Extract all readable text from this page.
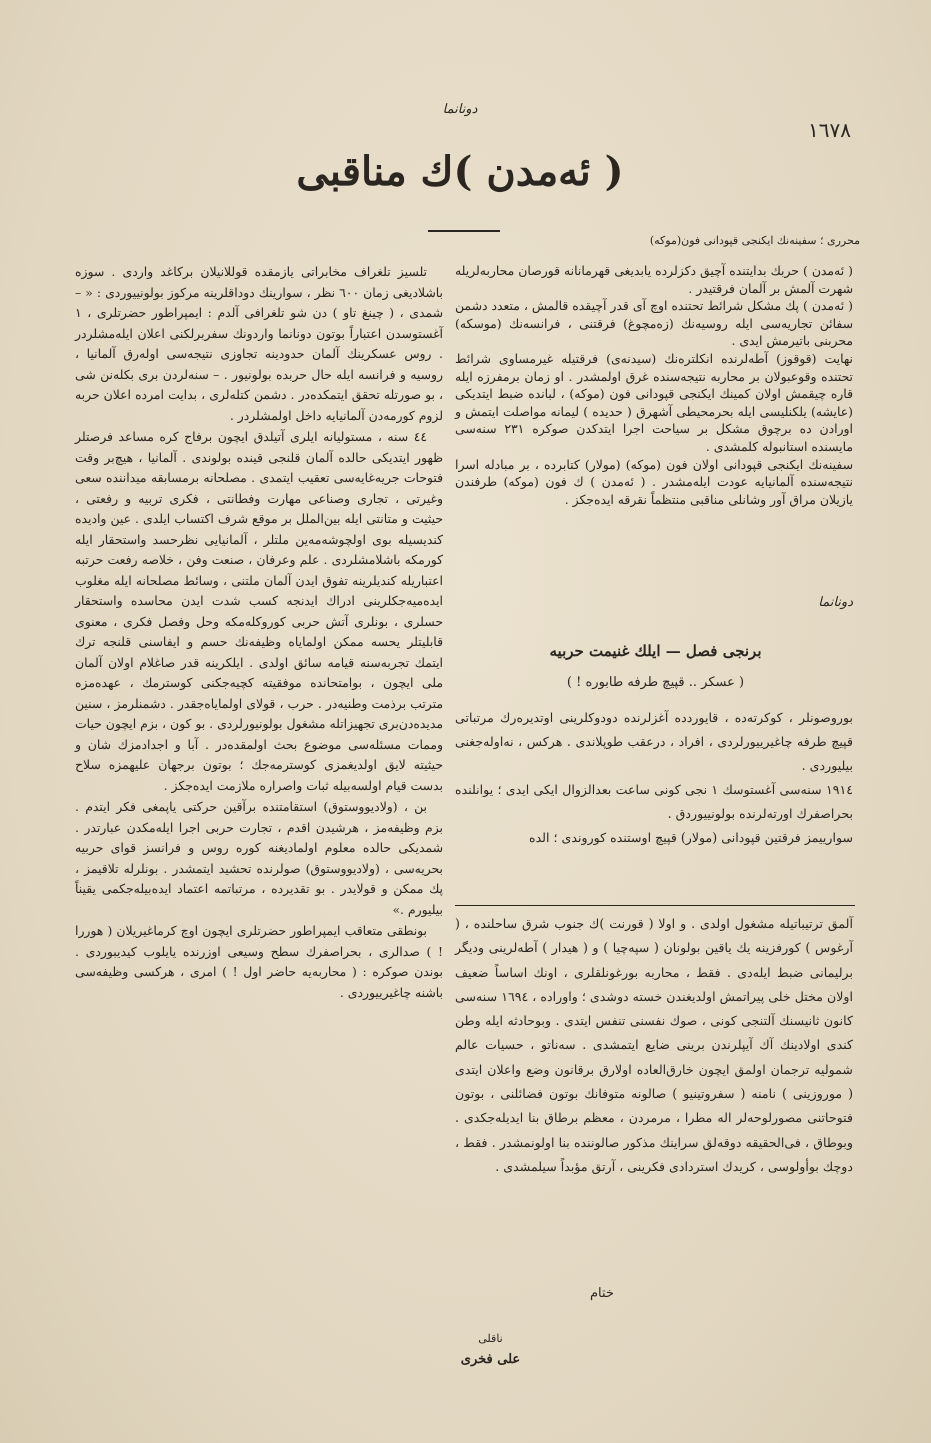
١٦٧٨
دونانما
( ئەمدن )ك مناقبی
محرری ؛ سفینه‌نك ايكنجی قپودانی فون(موكه)

( ئەمدن ) حربك بدايتنده آچیق دكزلرده يابديغی قهرمانانه قورصان محاربه‌لريله شهرت آلمش بر آلمان فرقتیدر .

( ئەمدن ) پك مشكل شرائط تحتنده اوچ آی قدر آچیقده قالمش ، متعدد دشمن سفائن تجاريه‌سی ايله روسيه‌نك (زه‌مچوغ) فرقتنی ، فرانسه‌نك (موسكه) محربنی باتيرمش ايدی .

نهايت (قوقوز) آطه‌لرنده انكلتره‌نك (سيدنه‌ی) فرقتیله غيرمساوی شرائط تحتنده وقوعبولان بر محاربه نتيجه‌سنده غرق اولمشدر . او زمان برمفرزه ايله قاره چيقمش اولان كمينك ايكنجی قپودانی فون (موكه) ، لبانده ضبط ايتديكی (عايشه) يلكنلیسی ايله بحرمحيطی آشهرق ( حديده ) ليمانه مواصلت ايتمش و اورادن ده برچوق مشكل بر سياحت اجرا ايتدكدن صوكره ٢٣١ سنه‌سی مايسنده استانبوله كلمشدی .

سفينه‌نك ايكنجی قپودانی اولان فون (موكه) (مولار) كتابرده ، بر مبادله اسرا نتيجه‌سنده آلمانيايه عودت ايله‌مشدر . ( ئەمدن ) ك فون (موكه) طرفندن يازيلان مراق آور وشانلی مناقبی منتظماً نقرقه ايده‌جكز .

دونانما
برنجی فصل — ايلك غنيمت حربيه
( عسكر .. قپيچ طرفه طابوره ! )

بوروصونلر ، كوكرته‌ده ، قايوردده آغزلرنده دودوكلرينی اوتديره‌رك مرتباتی قپيچ طرفه چاغيرييورلردی ، افراد ، درعقب طوپلاندی . هركس ، نه‌اوله‌جغنی بيليوردی .

١٩١٤ سنه‌سی آغستوسك ١ نجی كونی ساعت بعدالزوال ايكی ايدی ؛ يوانلنده بحراصفرك اورته‌لرنده بولونييوردق .

سوارييمز فرقتين قپودانی (مولار) قپيچ اوستنده كوروندی ؛ الده

آلمق ترتيباتيله مشغول اولدی . و اولا ( قورنت )ك جنوب شرق ساحلنده ، ( آرغوس ) كورفزينه يك ياقين بولونان ( سپه‌چيا ) و ( هيدار ) آطه‌لرينی وديگر برليمانی ضبط ايله‌دی . فقط ، محاربه بورغونلقلری ، اونك اساساً ضعيف اولان مختل خلی پيراتمش اولديغندن خسته دوشدی ؛ واوراده ، ١٦٩٤ سنه‌سی كانون ثانيسنك آلتنجی كونی ، صوك نفسنی تنفس ايتدی . وبوحادثه ايله وطن كندی اولادينك آك آيپلرندن برينی ضايع ايتمشدی . سه‌ناتو ، حسيات عالم شموليه ترجمان اولمق ايچون خارق‌العاده اولارق برقانون وضع واعلان ايتدی ( موروزينی ) نامنه ( سفروتينيو ) صالونه متوفانك بوتون فضائلنی ، بوتون فتوحاتنی مصورلوحه‌لر اله مطرا ، مرمردن ، معظم برطاق بنا ايديله‌جكدی . وبوطاق ، فی‌الحقيقه دوقه‌لق سراينك مذكور صالوننده بنا اولونمشدر . فقط ، دوچك بوأولوسی ، كريدك استردادی فكرينی ، آرتق مؤبداً سيلمشدی .

ختام
ناقلی
علی فخری

تلسيز تلغراف مخابراتی يازمقده قوللانيلان برکاغد واردی . سوزه باشلاديغی زمان ٦٠٠ نظر ، سوارينك دوداقلرينه مركوز بولونييوردی : « – شمدی ، ( چينغ تاو ) دن شو تلغرافی آلدم : ايمپراطور حضرتلری ، ١ آغستوسدن اعتباراً بوتون دونانما واردونك سفربرلكنی اعلان ايله‌مشلردر . روس عسكرينك آلمان حدودينه تجاوزی نتيجه‌سی اولەرق آلمانيا ، روسيه و فرانسه ايله حال حربده بولونيور . – سنه‌لردن برى بكله‌نن شی ، بو صورتله تحقق ايتمكده‌در . دشمن كتله‌لری ، بدايت امرده اعلان حربه لزوم كورمه‌دن آلمانيايه داخل اولمشلردر .

٤٤ سنه ، مستوليانه ايلری آتيلدق ايچون برفاج كره مساعد فرصتلر ظهور ايتديكی حالده آلمان قلنجی قينده بولوندی . آلمانيا ، هيچ‌بر وقت فتوحات جريه‌غايه‌سی تعقيب ايتمدی . مصلحانه برمسابقه ميداننده سعی وغيرتی ، تجاری وصناعی مهارت وفطانتی ، فكری تربيه و رفعتی ، حيثيت و متانتی ايله بين‌الملل بر موقع شرف اكتساب ايلدی . عين واديده كنديسيله بوی اولچوشه‌مه‌ين ملتلر ، آلمانيايی نظرحسد واستحقار ايله كورمكه باشلامشلردی . علم وعرفان ، صنعت وفن ، خلاصه رفعت حرتبه اعتباريله كنديلرينه تفوق ايدن آلمان ملتنی ، وسائط مصلحانه ايله مغلوب ايده‌ميه‌جكلرينی ادراك ايدنجه كسب شدت ايدن محاسده واستحقار حسلری ، بونلری آتش حربی كوروكله‌مكه وحل وفصل فكری ، معنوی قابليتلر يحسه ممكن اولماياه وظيفه‌نك حسم و ايفاسنی قلنجه ترك ايتمك تجربه‌سنه قيامه سائق اولدی . ايلكرينه قدر صاغلام اولان آلمان ملی ايچون ، بوامتحانده موفقيته كچيه‌جكنی كوسترمك ، عهده‌مزه مترتب برذمت وطنيه‌در . حرب ، قولای اولماياه‌جقدر . دشمنلرمز ، سنين مديده‌دن‌بری تجهيزاتله مشغول بولونيورلردی . بو كون ، بزم ايچون حيات وممات مسئله‌سی موضوع بحث اولمقده‌در . آبا و اجدادمزك شان و حيثيته لايق اولديغمزی كوسترمه‌جك ؛ بوتون برجهان عليهمزه سلاح بدست قيام اولسه‌بيله ثبات واصراره ملازمت ايده‌جكز .

بن ، (ولاديووستوق) استقامتنده برآقين حركتی ياپمغی فكر ايتدم . بزم وظيفه‌مز ، هرشيدن اقدم ، تجارت حربی اجرا ايله‌مكدن عبارتدر . شمديكی حالده معلوم اولماديغنه كوره روس و فرانسز قوای حربيه بحريه‌سی ، (ولاديووستوق) صولرنده تحشيد ايتمشدر . بونلرله تلاقيمز ، پك ممكن و قولايدر . بو تقديرده ، مرتباتمه اعتماد ايده‌بيله‌جكمی يقيناً بيليورم .»

بونطقی متعاقب ايمپراطور حضرتلری ايچون اوچ كرماغيريلان ( هوررا ! ) صدالری ، بحراصفرك سطح وسيعی اوزرنده يايلوب كيديبوردی . بوندن صوكره : ( محاربه‌يه حاضر اول ! ) امری ، هركسی وظيفه‌سی باشنه چاغيرييوردی .
